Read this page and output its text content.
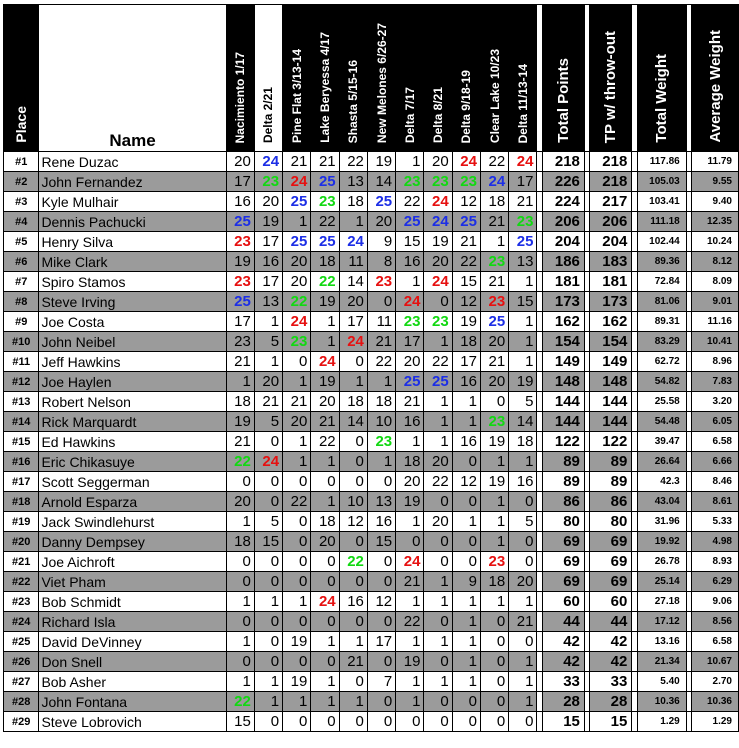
Place	Name	Nacimiento 1/17	Delta 2/21	Pine Flat 3/13-14	Lake Beryessa 4/17	Shasta 5/15-16	New Melones 6/26-27	Delta 7/17	Delta 8/21	Delta 9/18-19	Clear Lake 10/23	Delta 11/13-14		Total Points		TP w/ throw-out		Total Weight		Average Weight
#1	Rene Duzac	20	24	21	21	22	19	1	20	24	22	24		218		218		117.86		11.79
#2	John Fernandez	17	23	24	25	13	14	23	23	23	24	17		226		218		105.03		9.55
#3	Kyle Mulhair	16	20	25	23	18	25	22	24	12	18	21		224		217		103.41		9.40
#4	Dennis Pachucki	25	19	1	22	1	20	25	24	25	21	23		206		206		111.18		12.35
#5	Henry Silva	23	17	25	25	24	9	15	19	21	1	25		204		204		102.44		10.24
#6	Mike Clark	19	16	20	18	11	8	16	20	22	23	13		186		183		89.36		8.12
#7	Spiro Stamos	23	17	20	22	14	23	1	24	15	21	1		181		181		72.84		8.09
#8	Steve Irving	25	13	22	19	20	0	24	0	12	23	15		173		173		81.06		9.01
#9	Joe Costa	17	1	24	1	17	11	23	23	19	25	1		162		162		89.31		11.16
#10	John Neibel	23	5	23	1	24	21	17	1	18	20	1		154		154		83.29		10.41
#11	Jeff Hawkins	21	1	0	24	0	22	20	22	17	21	1		149		149		62.72		8.96
#12	Joe Haylen	1	20	1	19	1	1	25	25	16	20	19		148		148		54.82		7.83
#13	Robert Nelson	18	21	21	20	18	18	21	1	1	0	5		144		144		25.58		3.20
#14	Rick Marquardt	19	5	20	21	14	10	16	1	1	23	14		144		144		54.48		6.05
#15	Ed Hawkins	21	0	1	22	0	23	1	1	16	19	18		122		122		39.47		6.58
#16	Eric Chikasuye	22	24	1	1	0	1	18	20	0	1	1		89		89		26.64		6.66
#17	Scott Seggerman	0	0	0	0	0	0	20	22	12	19	16		89		89		42.3		8.46
#18	Arnold Esparza	20	0	22	1	10	13	19	0	0	1	0		86		86		43.04		8.61
#19	Jack Swindlehurst	1	5	0	18	12	16	1	20	1	1	5		80		80		31.96		5.33
#20	Danny Dempsey	18	15	0	20	0	15	0	0	0	1	0		69		69		19.92		4.98
#21	Joe Aichroft	0	0	0	0	22	0	24	0	0	23	0		69		69		26.78		8.93
#22	Viet Pham	0	0	0	0	0	0	21	1	9	18	20		69		69		25.14		6.29
#23	Bob Schmidt	1	1	1	24	16	12	1	1	1	1	1		60		60		27.18		9.06
#24	Richard Isla	0	0	0	0	0	0	22	0	1	0	21		44		44		17.12		8.56
#25	David DeVinney	1	0	19	1	1	17	1	1	1	0	0		42		42		13.16		6.58
#26	Don Snell	0	0	0	0	21	0	19	0	1	0	1		42		42		21.34		10.67
#27	Bob Asher	1	1	19	1	0	7	1	1	1	0	1		33		33		5.40		2.70
#28	John Fontana	22	1	1	1	1	0	1	0	0	0	1		28		28		10.36		10.36
#29	Steve Lobrovich	15	0	0	0	0	0	0	0	0	0	0		15		15		1.29		1.29
